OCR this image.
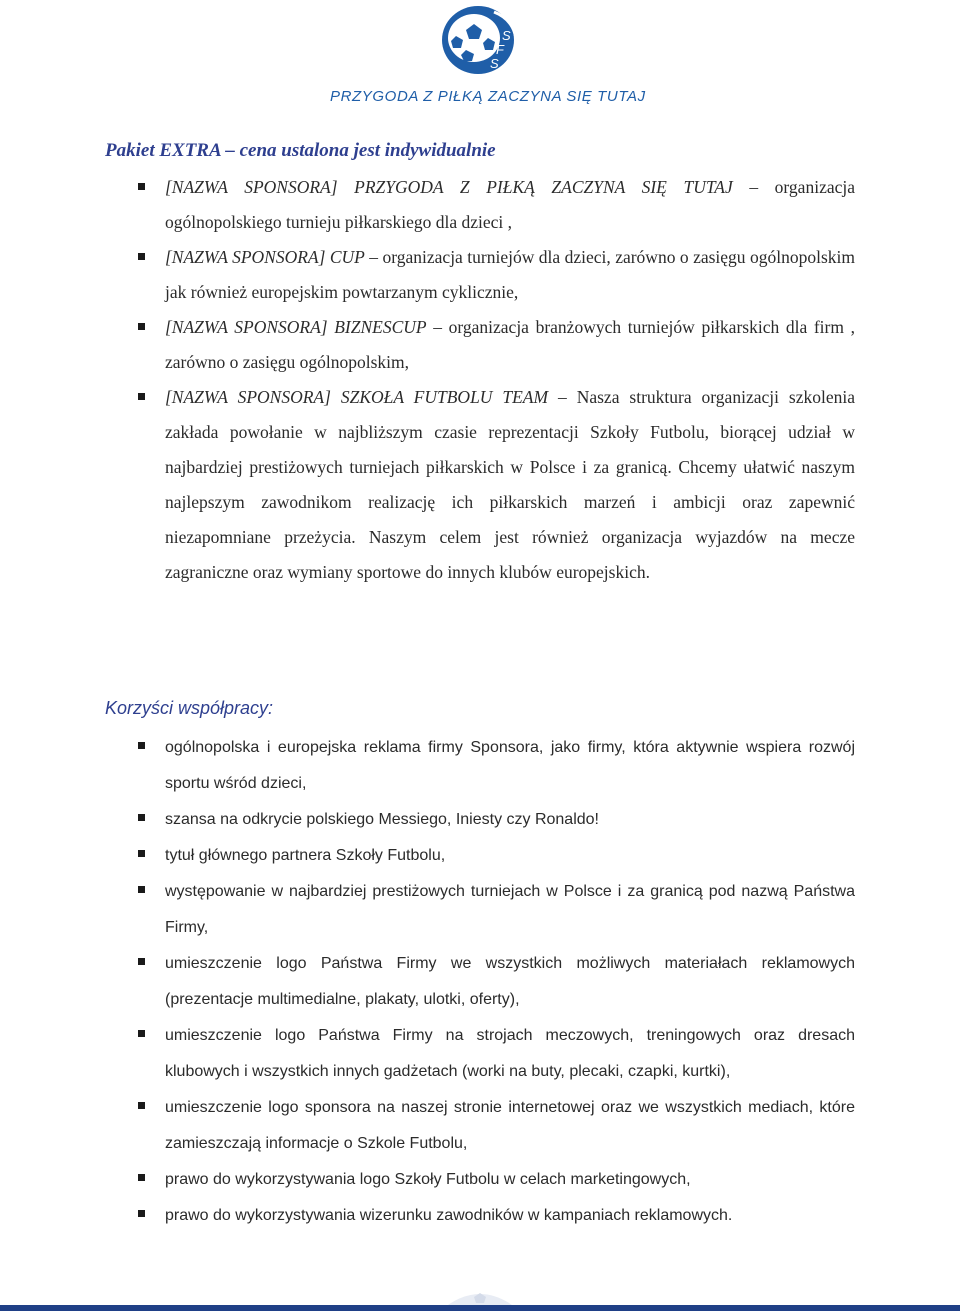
S
F
S
PRZYGODA Z PIŁKĄ ZACZYNA SIĘ TUTAJ
Pakiet EXTRA – cena ustalona jest indywidualnie
[NAZWA SPONSORA] PRZYGODA Z PIŁKĄ ZACZYNA SIĘ TUTAJ – organizacja ogólnopolskiego turnieju piłkarskiego dla dzieci ,
[NAZWA SPONSORA] CUP – organizacja turniejów dla dzieci, zarówno o zasięgu ogólnopolskim jak również europejskim powtarzanym cyklicznie,
[NAZWA SPONSORA] BIZNESCUP – organizacja branżowych turniejów piłkarskich dla firm , zarówno o zasięgu ogólnopolskim,
[NAZWA SPONSORA] SZKOŁA FUTBOLU TEAM – Nasza struktura organizacji szkolenia zakłada powołanie w najbliższym czasie reprezentacji Szkoły Futbolu, biorącej udział w najbardziej prestiżowych turniejach piłkarskich w Polsce i za granicą. Chcemy ułatwić naszym najlepszym zawodnikom realizację ich piłkarskich marzeń i ambicji oraz zapewnić niezapomniane przeżycia. Naszym celem jest również organizacja wyjazdów na mecze zagraniczne oraz wymiany sportowe do innych klubów europejskich.
Korzyści współpracy:
ogólnopolska i europejska reklama firmy Sponsora, jako firmy, która aktywnie wspiera rozwój sportu wśród dzieci,
szansa na odkrycie polskiego Messiego, Iniesty czy Ronaldo!
tytuł głównego partnera Szkoły Futbolu,
występowanie w najbardziej prestiżowych turniejach w Polsce i za granicą pod nazwą Państwa Firmy,
umieszczenie logo Państwa Firmy we wszystkich możliwych materiałach reklamowych (prezentacje multimedialne, plakaty, ulotki, oferty),
umieszczenie logo Państwa Firmy na strojach meczowych, treningowych oraz dresach klubowych i wszystkich innych gadżetach (worki na buty, plecaki, czapki, kurtki),
umieszczenie logo sponsora na naszej stronie internetowej oraz we wszystkich mediach, które zamieszczają informacje o Szkole Futbolu,
prawo do wykorzystywania logo Szkoły Futbolu w celach marketingowych,
prawo do wykorzystywania wizerunku zawodników w kampaniach reklamowych.
